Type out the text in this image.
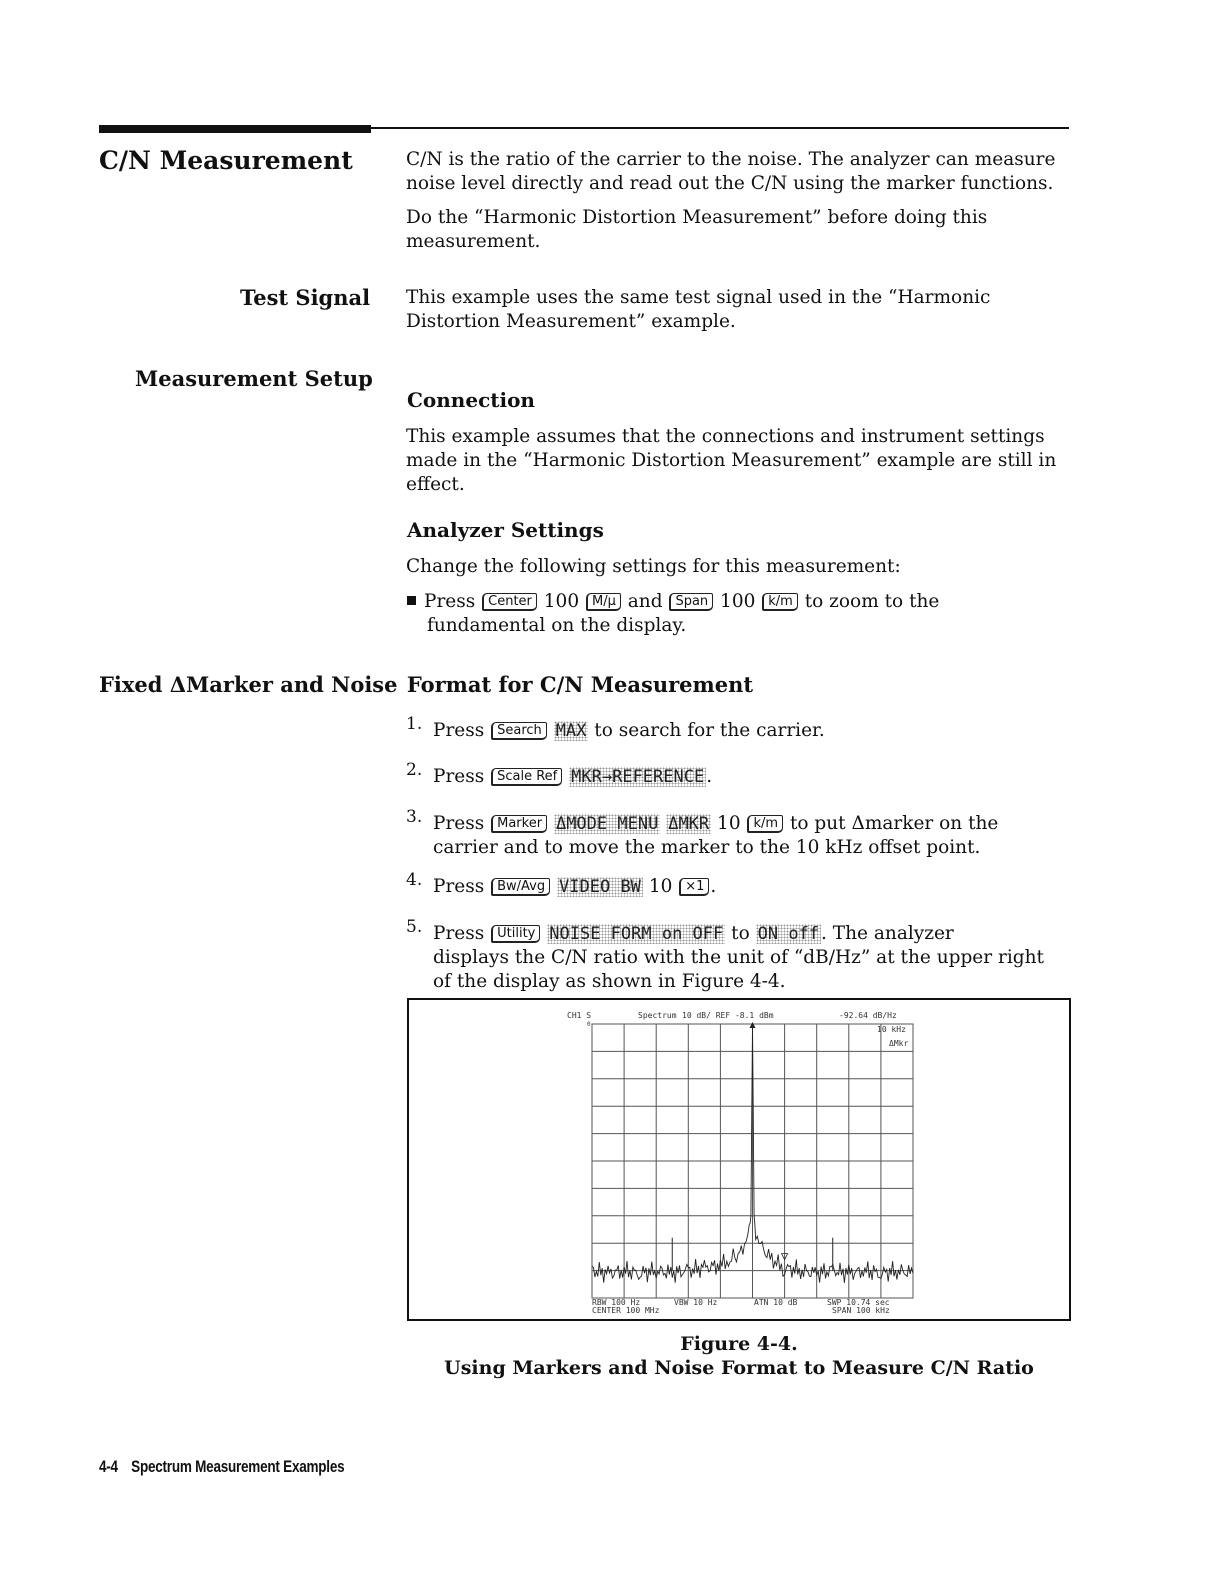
C/N Measurement	C/N is the ratio of the carrier to the noise. The analyzer can measure
noise level directly and read out the C/N using the marker functions.
Do the “Harmonic Distortion Measurement” before doing this
measurement.
Test Signal This example uses the same test signal used in the “Harmonic
Distortion Measurement” example.
Measurement Setup
Connection
This example assumes that the connections and instrument settings
made in the “Harmonic Distortion Measurement” example are still in
effect.
Analyzer Settings
Change the following settings for this measurement:
Press Center 100 M/μ and Span 100 k/m to zoom to the
fundamental on the display.
Fixed ΔMarker and Noise Format for C/N Measurement
1. Press Search MAX to search for the carrier.
2. Press Scale Ref MKR→REFERENCE .
3. Press Marker ΔMODE MENU ΔMKR 10 k/m to put Δmarker on the
carrier and to move the marker to the 10 kHz offset point.
4. Press Bw/Avg VIDEO BW 10 ×1 .
5. Press Utility NOISE FORM on OFF to ON off . The analyzer
displays the C/N ratio with the unit of “dB/Hz” at the upper right
of the display as shown in Figure 4-4.
CH1 S	Spectrum 10 dB/ REF -8.1 dBm	-92.64 dB/Hz
10 kHz
ΔMkr
0
RBW 100 Hz	VBW 10 Hz	ATN 10 dB	SWP 10.74 sec
CENTER 100 MHz	SPAN 100 kHz
Figure 4-4.
Using Markers and Noise Format to Measure C/N Ratio
4-4 Spectrum Measurement Examples
